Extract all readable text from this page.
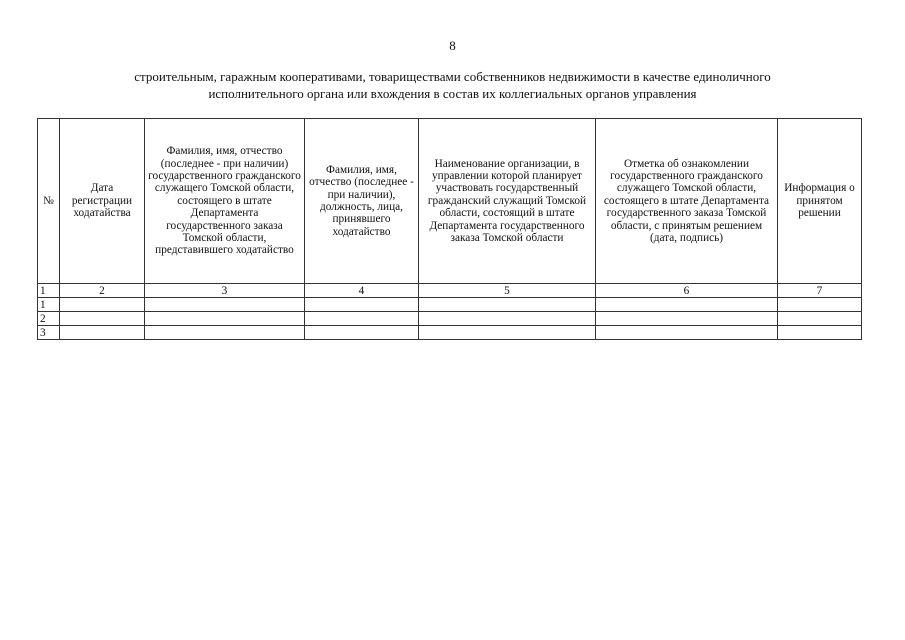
8
строительным, гаражным кооперативами, товариществами собственников недвижимости в качестве единоличного
исполнительного органа или вхождения в состав их коллегиальных органов управления
№	Дата регистрации ходатайства	Фамилия, имя, отчество (последнее - при наличии) государственного гражданского служащего Томской области, состоящего в штате Департамента государственного заказа Томской области, представившего ходатайство	Фамилия, имя, отчество (последнее - при наличии), должность, лица, принявшего ходатайство	Наименование организации, в управлении которой планирует участвовать государственный гражданский служащий Томской области, состоящий в штате Департамента государственного заказа Томской области	Отметка об ознакомлении государственного гражданского служащего Томской области, состоящего в штате Департамента государственного заказа Томской области, с принятым решением (дата, подпись)	Информация о принятом решении
1	2	3	4	5	6	7
1						
2						
3						
